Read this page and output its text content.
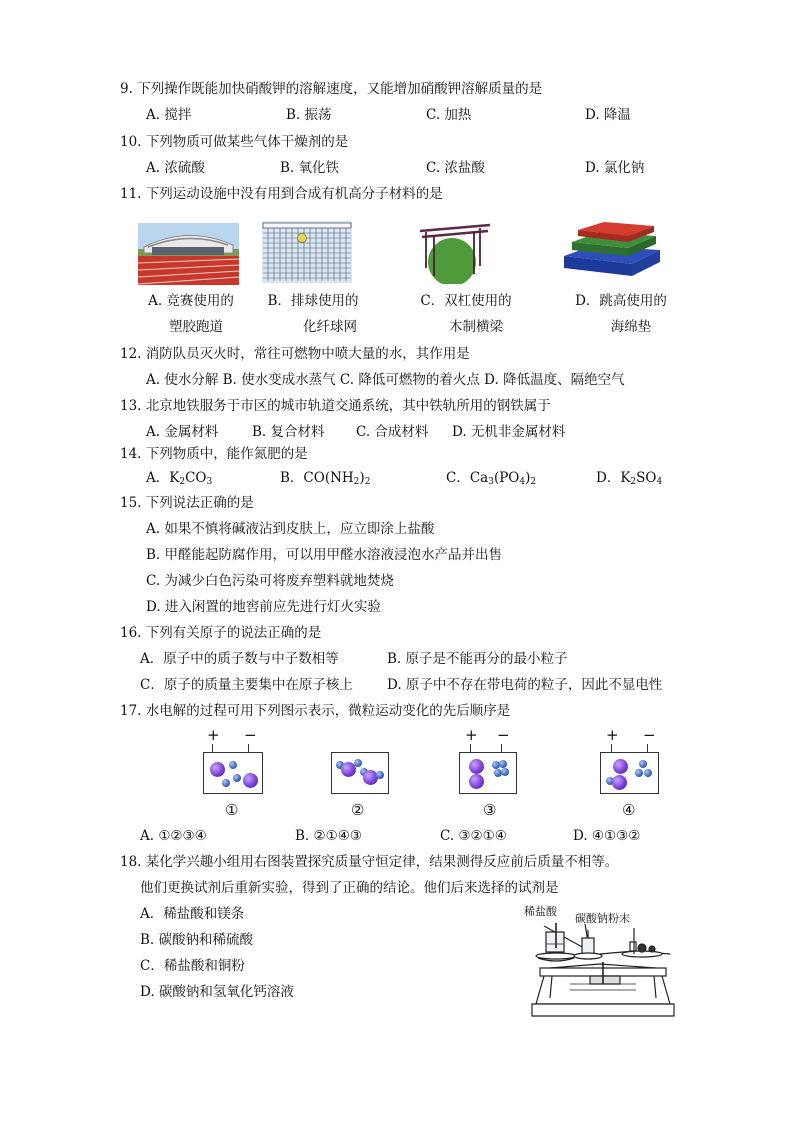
9. 下列操作既能加快硝酸钾的溶解速度，又能增加硝酸钾溶解质量的是
A. 搅拌	B. 振荡	C. 加热	D. 降温
10. 下列物质可做某些气体干燥剂的是
A. 浓硫酸	B. 氧化铁	C. 浓盐酸	D. 氯化钠
11. 下列运动设施中没有用到合成有机高分子材料的是
A. 竞赛使用的
塑胶跑道
B．排球使用的
化纤球网
C．双杠使用的
木制横梁
D．跳高使用的
海绵垫
12. 消防队员灭火时，常往可燃物中喷大量的水，其作用是
A. 使水分解 B. 使水变成水蒸气 C. 降低可燃物的着火点 D. 降低温度、隔绝空气
13. 北京地铁服务于市区的城市轨道交通系统，其中铁轨所用的钢铁属于
A. 金属材料 B. 复合材料 C. 合成材料 D. 无机非金属材料
14. 下列物质中，能作氮肥的是
A．$K_2CO_3$	B．$CO(NH_2)_2$	C．$Ca_3(PO_4)_2$	D．$K_2SO_4$
15. 下列说法正确的是
A. 如果不慎将碱液沾到皮肤上，应立即涂上盐酸
B. 甲醛能起防腐作用，可以用甲醛水溶液浸泡水产品并出售
C. 为减少白色污染可将废弃塑料就地焚烧
D. 进入闲置的地窖前应先进行灯火实验
16. 下列有关原子的说法正确的是
A．原子中的质子数与中子数相等	B. 原子是不能再分的最小粒子
C．原子的质量主要集中在原子核上	D. 原子中不存在带电荷的粒子，因此不显电性
17. 水电解的过程可用下列图示表示，微粒运动变化的先后顺序是
+ −	+ −	+ −
①	②	③	④
A. ①②③④	B. ②①④③	C. ③②①④	D. ④①③②
18. 某化学兴趣小组用右图装置探究质量守恒定律，结果测得反应前后质量不相等。
他们更换试剂后重新实验，得到了正确的结论。他们后来选择的试剂是
A．稀盐酸和镁条
B. 碳酸钠和稀硫酸
C．稀盐酸和铜粉
D. 碳酸钠和氢氧化钙溶液
稀盐酸
碳酸钠粉末
